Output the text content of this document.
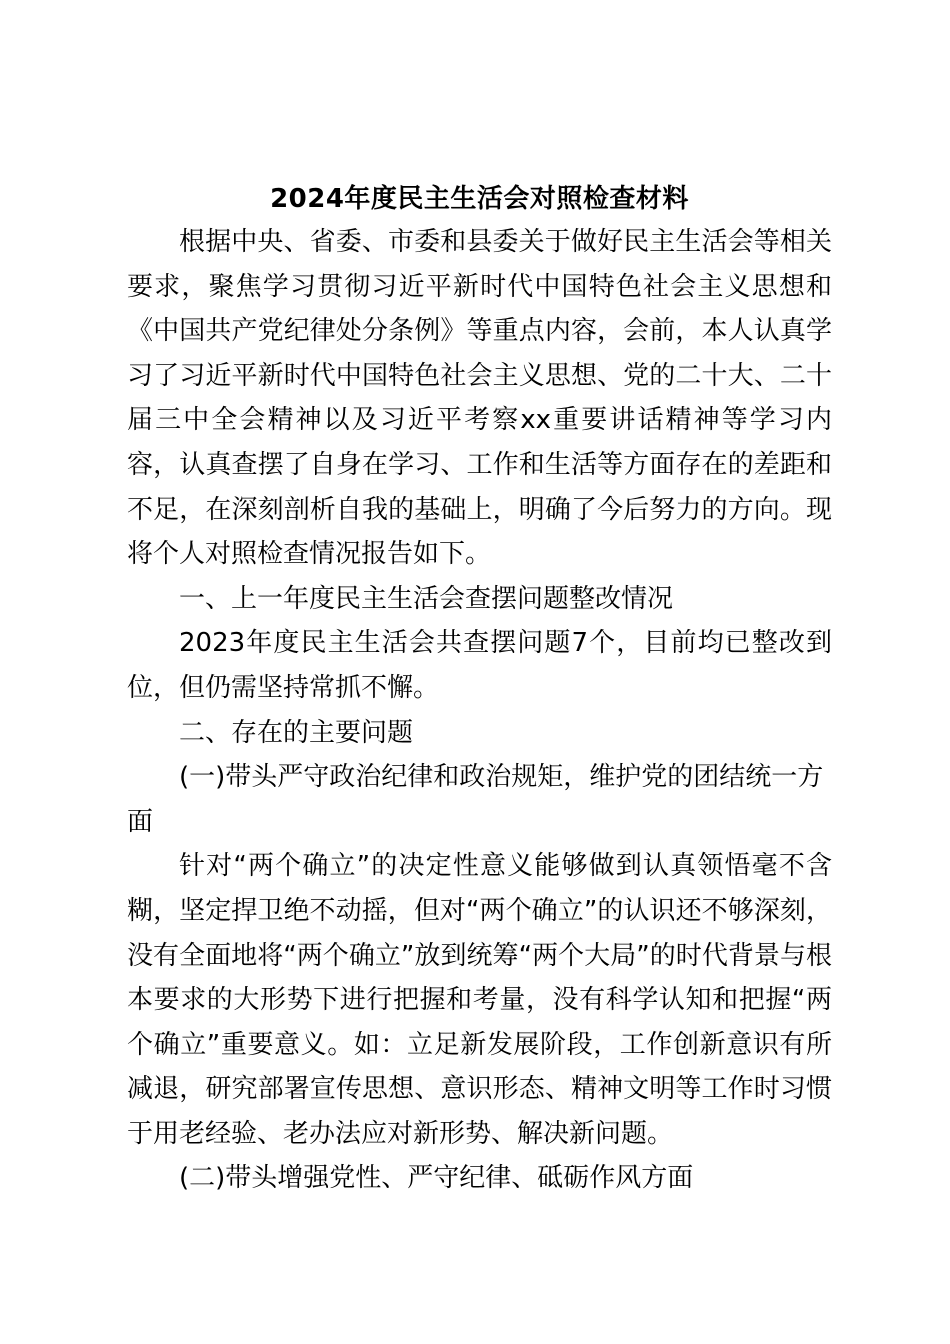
2024年度民主生活会对照检查材料

根据中央、省委、市委和县委关于做好民主生活会等相关要求，聚焦学习贯彻习近平新时代中国特色社会主义思想和《中国共产党纪律处分条例》等重点内容，会前，本人认真学习了习近平新时代中国特色社会主义思想、党的二十大、二十届三中全会精神以及习近平考察xx重要讲话精神等学习内容，认真查摆了自身在学习、工作和生活等方面存在的差距和不足，在深刻剖析自我的基础上，明确了今后努力的方向。现将个人对照检查情况报告如下。

一、上一年度民主生活会查摆问题整改情况

2023年度民主生活会共查摆问题7个，目前均已整改到位，但仍需坚持常抓不懈。

二、存在的主要问题

(一)带头严守政治纪律和政治规矩，维护党的团结统一方面

针对“两个确立”的决定性意义能够做到认真领悟毫不含糊，坚定捍卫绝不动摇，但对“两个确立”的认识还不够深刻，没有全面地将“两个确立”放到统筹“两个大局”的时代背景与根本要求的大形势下进行把握和考量，没有科学认知和把握“两个确立”重要意义。如：立足新发展阶段，工作创新意识有所减退，研究部署宣传思想、意识形态、精神文明等工作时习惯于用老经验、老办法应对新形势、解决新问题。

(二)带头增强党性、严守纪律、砥砺作风方面
